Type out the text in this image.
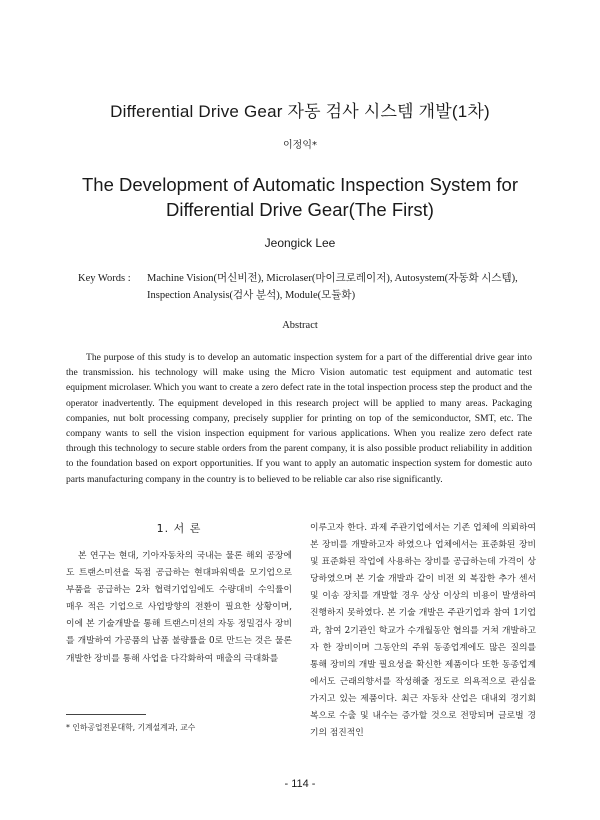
Differential Drive Gear 자동 검사 시스템 개발(1차)
이정익*
The Development of Automatic Inspection System for
Differential Drive Gear(The First)
Jeongick Lee
Key Words : Machine Vision(머신비전), Microlaser(마이크로레이저), Autosystem(자동화 시스템), Inspection Analysis(검사 분석), Module(모듈화)
Abstract

The purpose of this study is to develop an automatic inspection system for a part of the differential drive gear into the transmission. his technology will make using the Micro Vision automatic test equipment and automatic test equipment microlaser. Which you want to create a zero defect rate in the total inspection process step the product and the operator inadvertently. The equipment developed in this research project will be applied to many areas. Packaging companies, nut bolt processing company, precisely supplier for printing on top of the semiconductor, SMT, etc. The company wants to sell the vision inspection equipment for various applications. When you realize zero defect rate through this technology to secure stable orders from the parent company, it is also possible product reliability in addition to the foundation based on export opportunities. If you want to apply an automatic inspection system for domestic auto parts manufacturing company in the country is to believed to be reliable car also rise significantly.

1. 서 론

본 연구는 현대, 기아자동차의 국내는 물론 해외 공장에도 트랜스미션을 독점 공급하는 현대파워텍을 모기업으로 부품을 공급하는 2차 협력기업임에도 수량대비 수익률이 매우 적은 기업으로 사업방향의 전환이 필요한 상황이며, 이에 본 기술개발을 통해 트랜스미션의 자동 정밀검사 장비를 개발하여 가공품의 납품 불량률을 0로 만드는 것은 물론 개발한 장비를 통해 사업을 다각화하여 매출의 극대화를

이루고자 한다. 과제 주관기업에서는 기존 업체에 의뢰하여 본 장비를 개발하고자 하였으나 업체에서는 표준화된 장비 및 표준화된 작업에 사용하는 장비를 공급하는데 가격이 상당하였으며 본 기술 개발과 같이 비전 외 복잡한 추가 센서 및 이송 장치를 개발할 경우 상상 이상의 비용이 발생하여 진행하지 못하였다. 본 기술 개발은 주관기업과 참여 1기업과, 참여 2기관인 학교가 수개월동안 협의를 거쳐 개발하고자 한 장비이며 그동안의 주위 동종업계에도 많은 질의를 통해 장비의 개발 필요성을 확신한 제품이다 또한 동종업계에서도 근래의향서를 작성해줄 정도로 의욕적으로 관심을 가지고 있는 제품이다. 최근 자동차 산업은 대내외 경기회복으로 수출 및 내수는 증가할 것으로 전망되며 글로벌 경기의 점진적인

* 인하공업전문대학, 기계설계과, 교수
- 114 -
